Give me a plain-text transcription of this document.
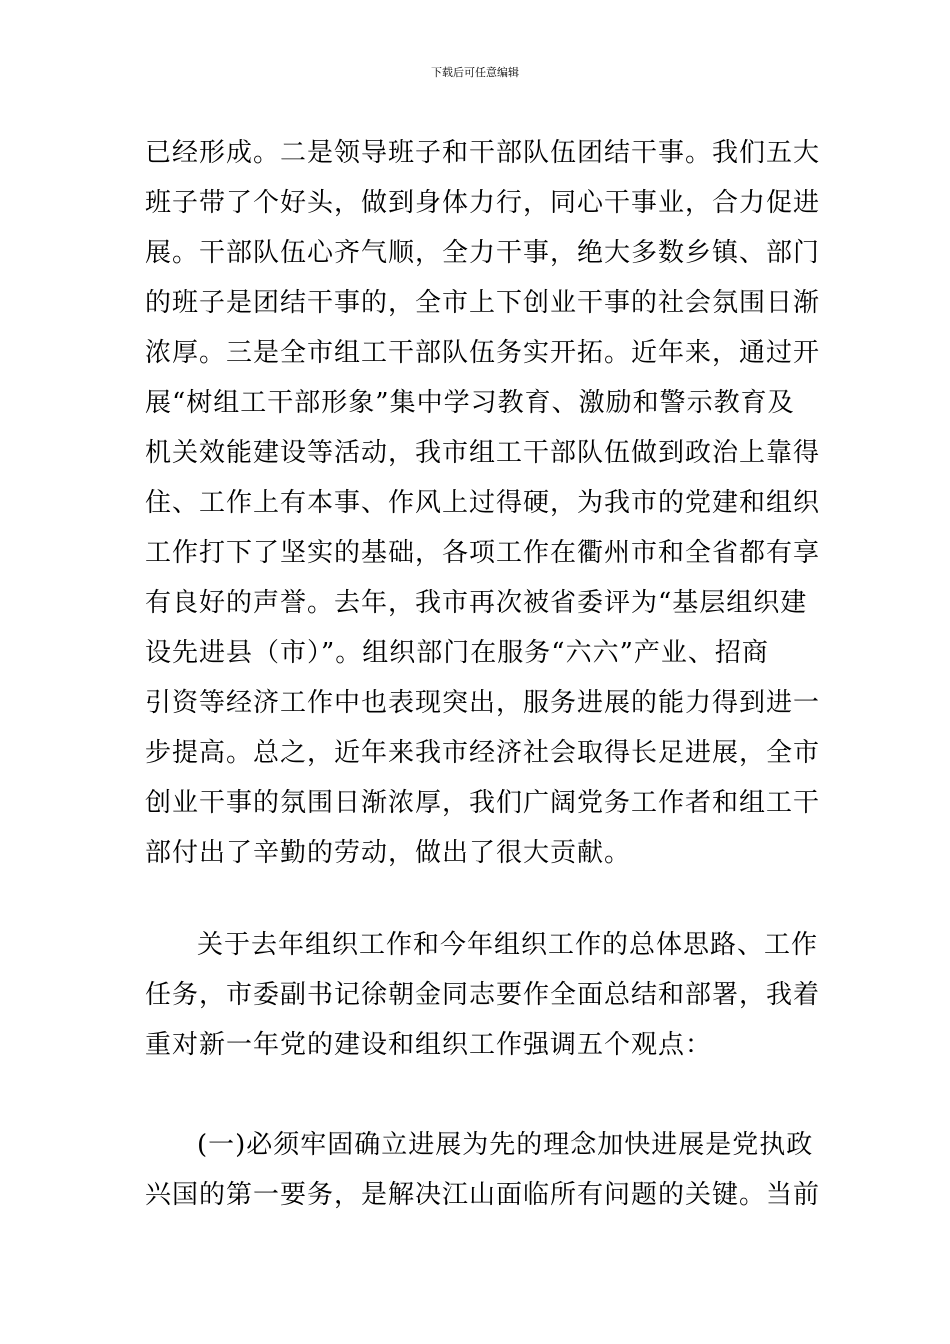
下载后可任意编辑
已经形成。二是领导班子和干部队伍团结干事。我们五大
班子带了个好头，做到身体力行，同心干事业，合力促进
展。干部队伍心齐气顺，全力干事，绝大多数乡镇、部门
的班子是团结干事的，全市上下创业干事的社会氛围日渐
浓厚。三是全市组工干部队伍务实开拓。近年来，通过开
展“树组工干部形象”集中学习教育、激励和警示教育及
机关效能建设等活动，我市组工干部队伍做到政治上靠得
住、工作上有本事、作风上过得硬，为我市的党建和组织
工作打下了坚实的基础，各项工作在衢州市和全省都有享
有良好的声誉。去年，我市再次被省委评为“基层组织建
设先进县（市）”。组织部门在服务“六六”产业、招商
引资等经济工作中也表现突出，服务进展的能力得到进一
步提高。总之，近年来我市经济社会取得长足进展，全市
创业干事的氛围日渐浓厚，我们广阔党务工作者和组工干
部付出了辛勤的劳动，做出了很大贡献。
关于去年组织工作和今年组织工作的总体思路、工作
任务，市委副书记徐朝金同志要作全面总结和部署，我着
重对新一年党的建设和组织工作强调五个观点：
(一)必须牢固确立进展为先的理念加快进展是党执政
兴国的第一要务，是解决江山面临所有问题的关键。当前
